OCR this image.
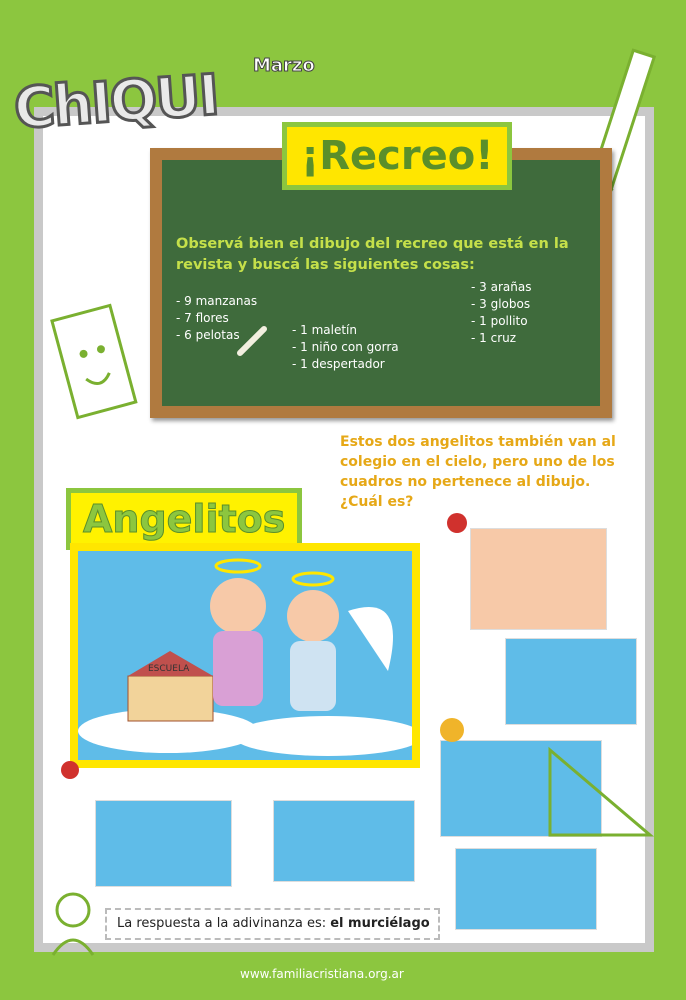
ChIQUI Marzo
¡Recreo!
Observá bien el dibujo del recreo que está en la revista y buscá las siguientes cosas:
- 9 manzanas
- 7 flores
- 6 pelotas	- 1 maletín
- 1 niño con gorra
- 1 despertador
- 3 arañas
- 3 globos
- 1 pollito
- 1 cruz
Estos dos angelitos también van al colegio en el cielo, pero uno de los cuadros no pertenece al dibujo. ¿Cuál es?
Angelitos
ESCUELA
La respuesta a la adivinanza es: el murciélago
www.familiacristiana.org.ar
